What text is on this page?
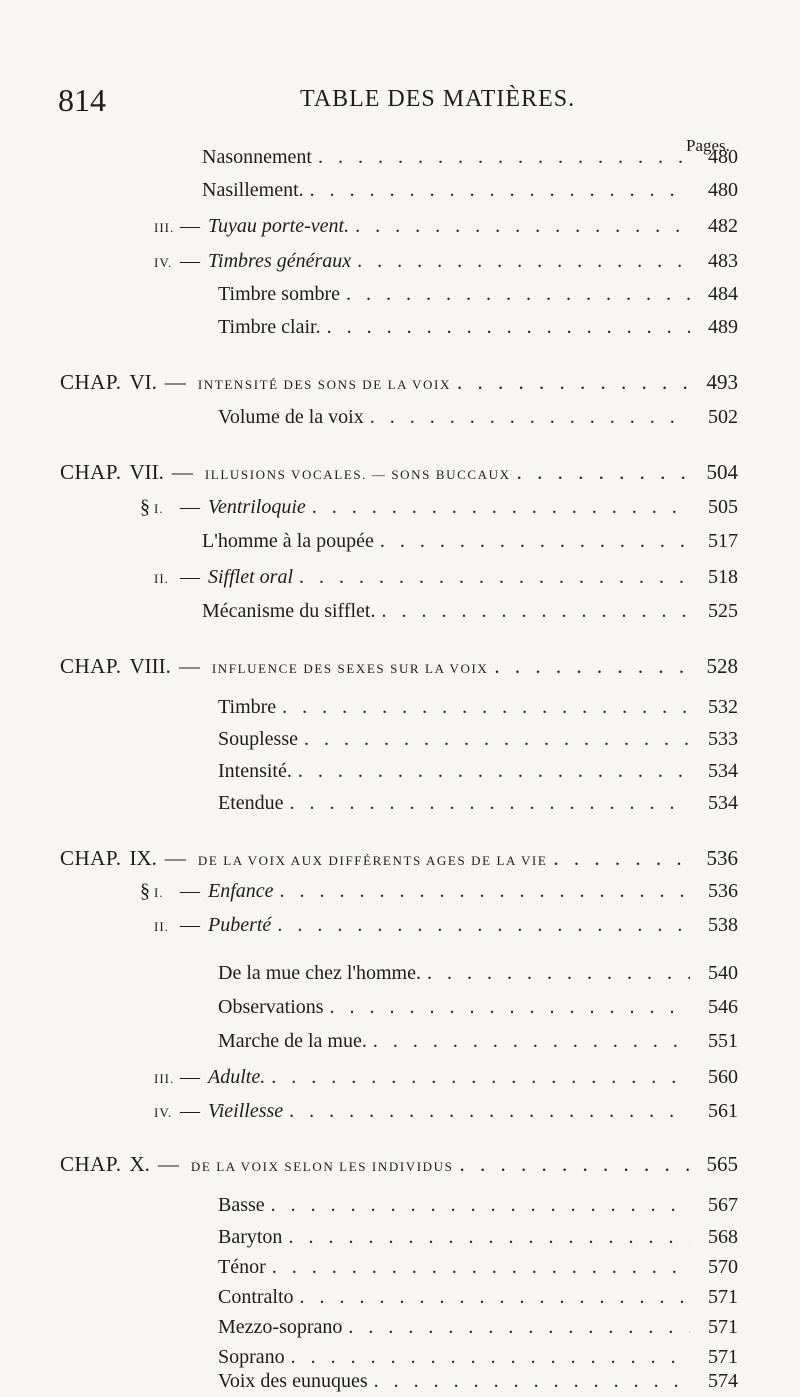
814	TABLE DES MATIÈRES.
Pages.
Nasonnement . . .	480
Nasillement. . . .	480
III. — Tuyau porte-vent. . . .	482
IV. — Timbres généraux . . .	483
Timbre sombre . . .	484
Timbre clair. . . .	489
CHAP. VI. — INTENSITÉ DES SONS DE LA VOIX . . .	493
Volume de la voix . . .	502
CHAP. VII. — ILLUSIONS VOCALES. — SONS BUCCAUX . . .	504
§ I. — Ventriloquie . . .	505
L'homme à la poupée . . .	517
II. — Sifflet oral . . .	518
Mécanisme du sifflet. . . .	525
CHAP. VIII. — INFLUENCE DES SEXES SUR LA VOIX . . .	528
Timbre . . .	532
Souplesse . . .	533
Intensité. . . .	534
Etendue . . .	534
CHAP. IX. — DE LA VOIX AUX DIFFÉRENTS AGES DE LA VIE . . .	536
§ I. — Enfance . . .	536
II. — Puberté . . .	538
De la mue chez l'homme. . . .	540
Observations . . .	546
Marche de la mue. . . .	551
III. — Adulte. . . .	560
IV. — Vieillesse . . .	561
CHAP. X. — DE LA VOIX SELON LES INDIVIDUS . . .	565
Basse . . .	567
Baryton . . .	568
Ténor . . .	570
Contralto . . .	571
Mezzo-soprano . . .	571
Soprano . . .	571
Voix des eunuques . . .	574
